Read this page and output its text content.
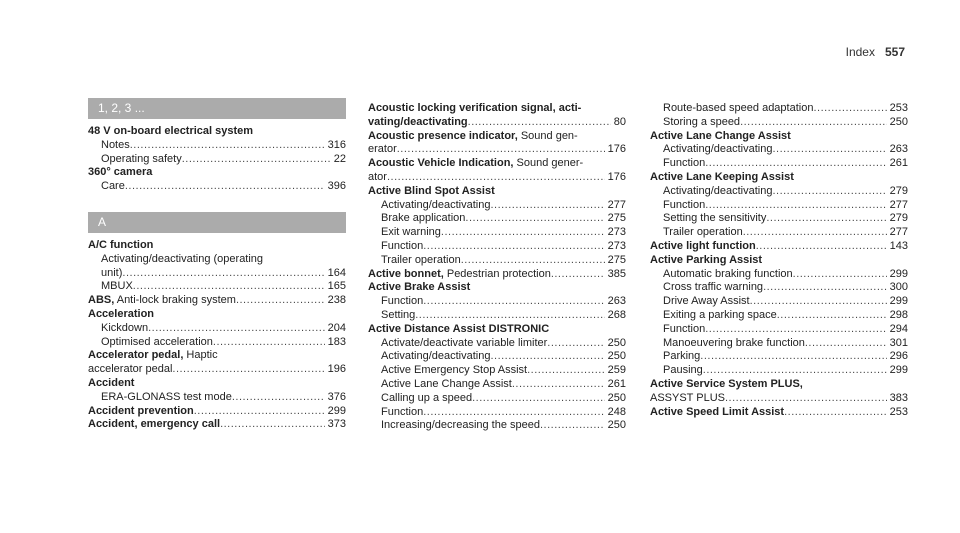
Index 557
1, 2, 3 ...
48 V on-board electrical system
Notes .....	316
Operating safety .....	22
360° camera
Care .....	396
A
A/C function
Activating/deactivating (operating
unit) .....	164
MBUX .....	165
ABS, Anti-lock braking system .....	238
Acceleration
Kickdown .....	204
Optimised acceleration .....	183
Accelerator pedal, Haptic
accelerator pedal .....	196
Accident
ERA-GLONASS test mode .....	376
Accident prevention .....	299
Accident, emergency call .....	373
Acoustic locking verification signal, acti-
vating/deactivating .....	80
Acoustic presence indicator, Sound gen-
erator .....	176
Acoustic Vehicle Indication, Sound gener-
ator .....	176
Active Blind Spot Assist
Activating/deactivating .....	277
Brake application .....	275
Exit warning .....	273
Function .....	273
Trailer operation .....	275
Active bonnet, Pedestrian protection .....	385
Active Brake Assist
Function .....	263
Setting .....	268
Active Distance Assist DISTRONIC
Activate/deactivate variable limiter .....	250
Activating/deactivating .....	250
Active Emergency Stop Assist .....	259
Active Lane Change Assist .....	261
Calling up a speed .....	250
Function .....	248
Increasing/decreasing the speed .....	250
Route-based speed adaptation .....	253
Storing a speed .....	250
Active Lane Change Assist
Activating/deactivating .....	263
Function .....	261
Active Lane Keeping Assist
Activating/deactivating .....	279
Function .....	277
Setting the sensitivity .....	279
Trailer operation .....	277
Active light function .....	143
Active Parking Assist
Automatic braking function .....	299
Cross traffic warning .....	300
Drive Away Assist .....	299
Exiting a parking space .....	298
Function .....	294
Manoeuvering brake function .....	301
Parking .....	296
Pausing .....	299
Active Service System PLUS,
ASSYST PLUS .....	383
Active Speed Limit Assist .....	253
